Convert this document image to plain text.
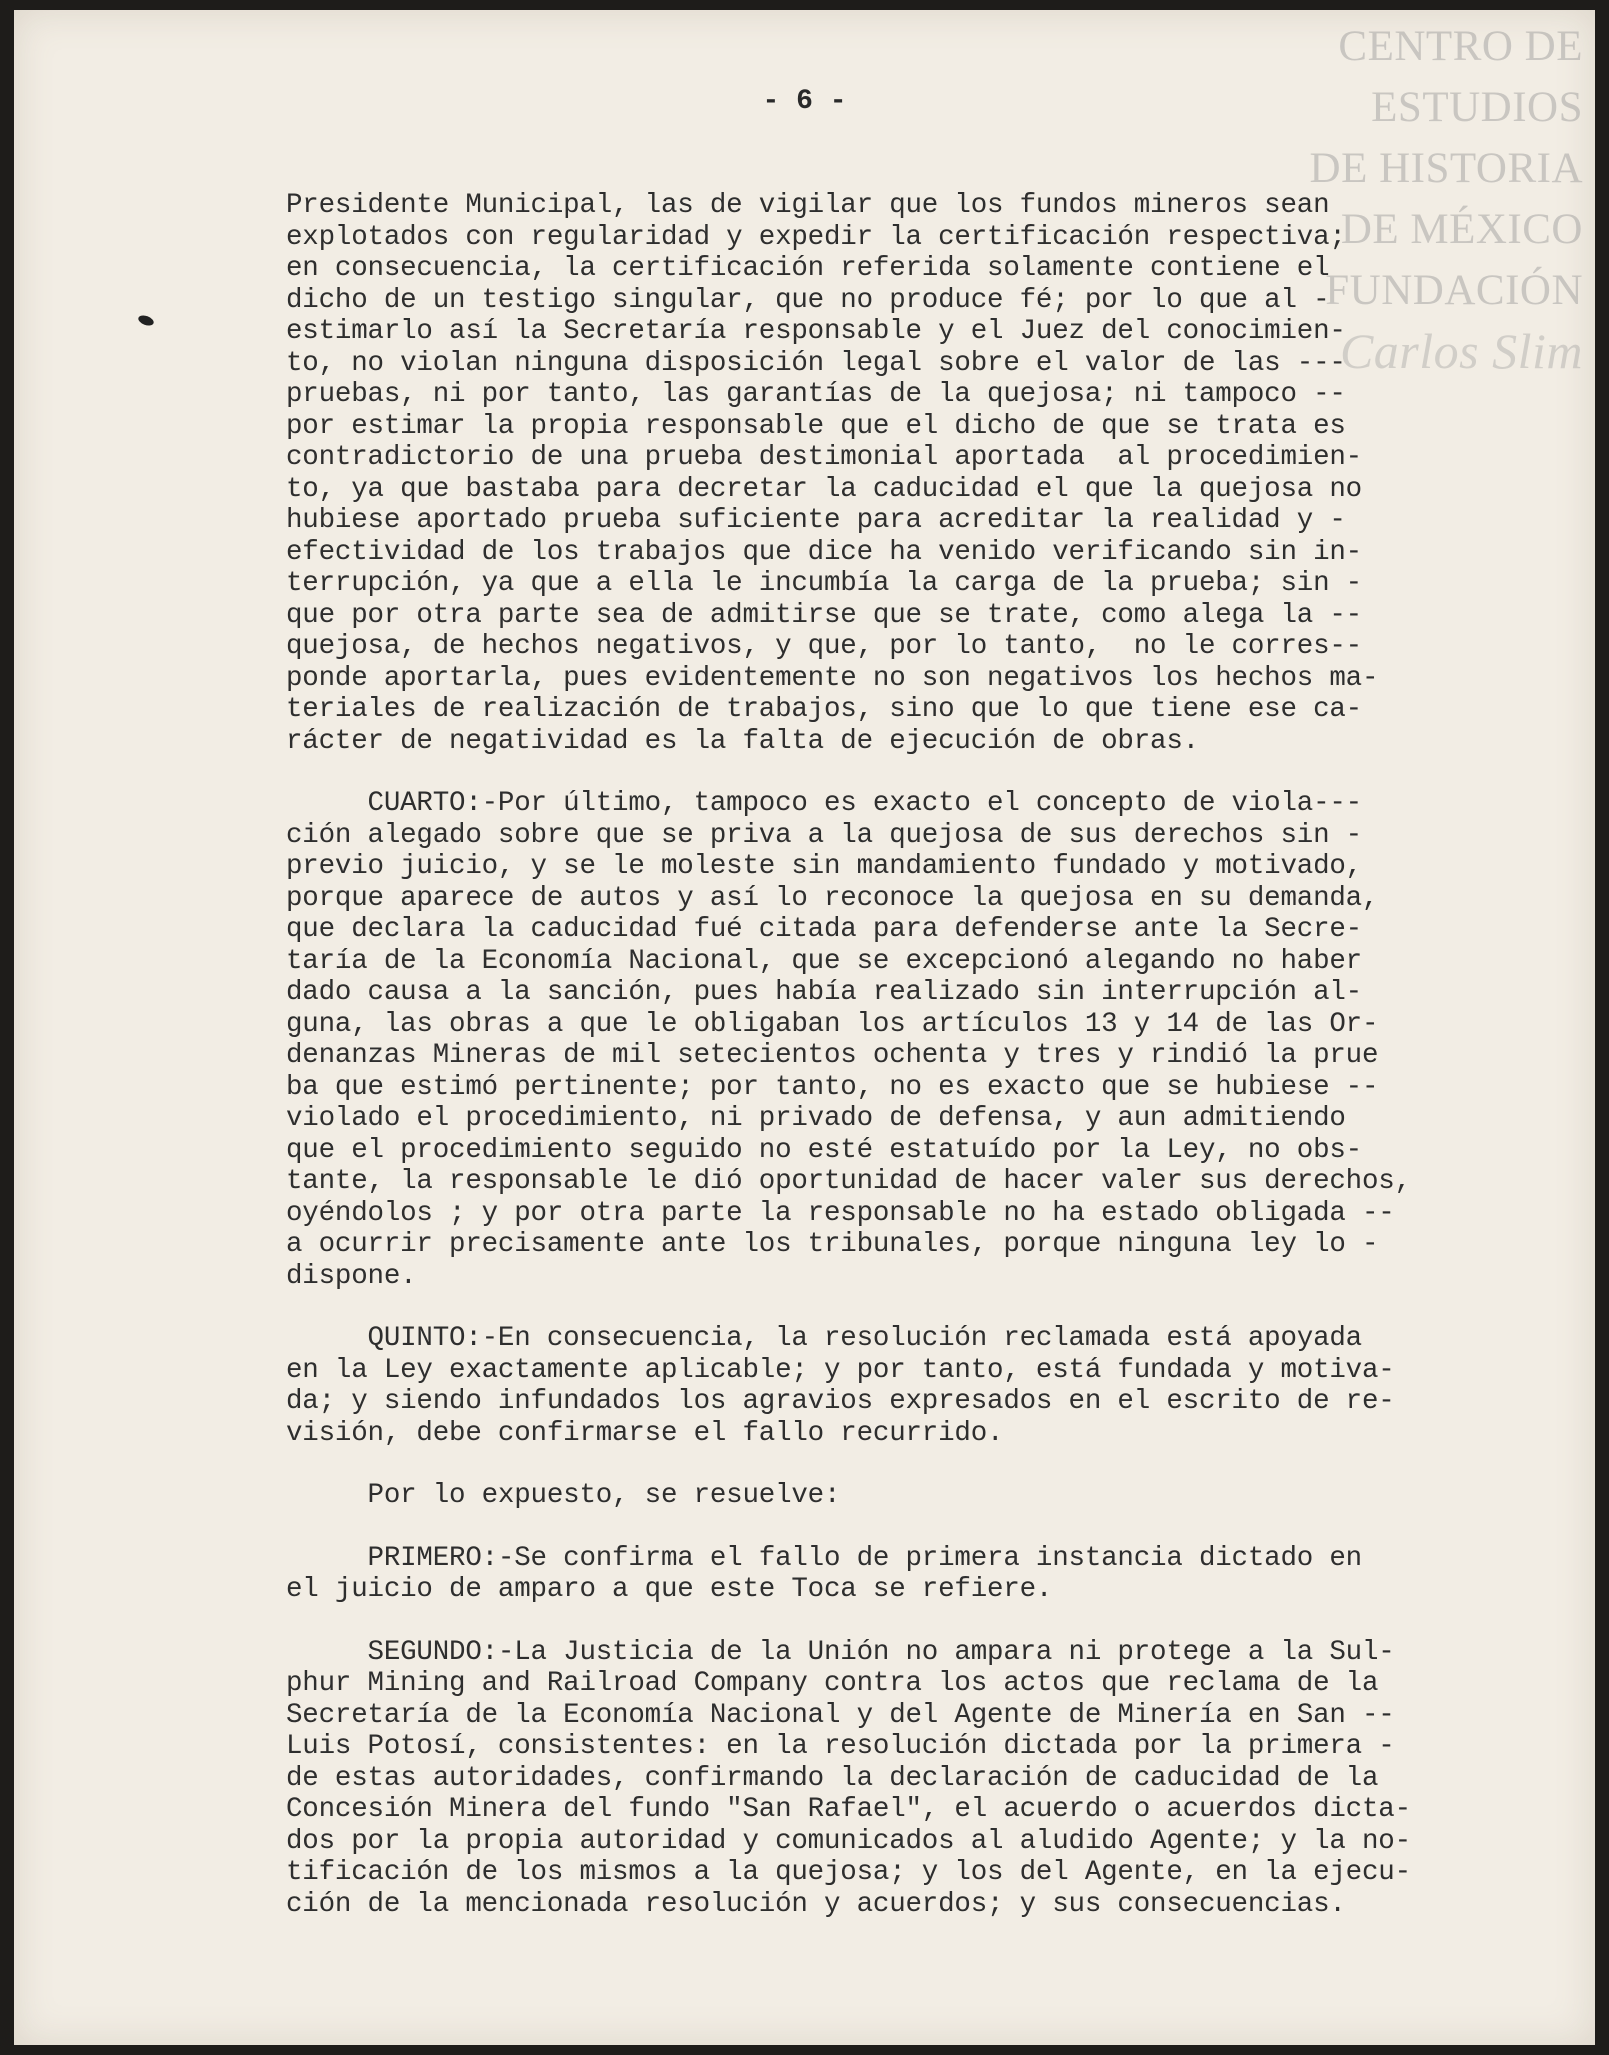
CENTRO DE
ESTUDIOS
DE HISTORIA
DE MÉXICO
FUNDACIÓN
Carlos Slim
- 6 -
Presidente Municipal, las de vigilar que los fundos mineros sean
explotados con regularidad y expedir la certificación respectiva;
en consecuencia, la certificación referida solamente contiene el
dicho de un testigo singular, que no produce fé; por lo que al -
estimarlo así la Secretaría responsable y el Juez del conocimien-
to, no violan ninguna disposición legal sobre el valor de las ---
pruebas, ni por tanto, las garantías de la quejosa; ni tampoco --
por estimar la propia responsable que el dicho de que se trata es
contradictorio de una prueba destimonial aportada  al procedimien-
to, ya que bastaba para decretar la caducidad el que la quejosa no
hubiese aportado prueba suficiente para acreditar la realidad y -
efectividad de los trabajos que dice ha venido verificando sin in-
terrupción, ya que a ella le incumbía la carga de la prueba; sin -
que por otra parte sea de admitirse que se trate, como alega la --
quejosa, de hechos negativos, y que, por lo tanto,  no le corres--
ponde aportarla, pues evidentemente no son negativos los hechos ma-
teriales de realización de trabajos, sino que lo que tiene ese ca-
rácter de negatividad es la falta de ejecución de obras.
CUARTO:-Por último, tampoco es exacto el concepto de viola---
ción alegado sobre que se priva a la quejosa de sus derechos sin -
previo juicio, y se le moleste sin mandamiento fundado y motivado,
porque aparece de autos y así lo reconoce la quejosa en su demanda,
que declara la caducidad fué citada para defenderse ante la Secre-
taría de la Economía Nacional, que se excepcionó alegando no haber
dado causa a la sanción, pues había realizado sin interrupción al-
guna, las obras a que le obligaban los artículos 13 y 14 de las Or-
denanzas Mineras de mil setecientos ochenta y tres y rindió la prue
ba que estimó pertinente; por tanto, no es exacto que se hubiese --
violado el procedimiento, ni privado de defensa, y aun admitiendo
que el procedimiento seguido no esté estatuído por la Ley, no obs-
tante, la responsable le dió oportunidad de hacer valer sus derechos,
oyéndolos ; y por otra parte la responsable no ha estado obligada --
a ocurrir precisamente ante los tribunales, porque ninguna ley lo -
dispone.
QUINTO:-En consecuencia, la resolución reclamada está apoyada
en la Ley exactamente aplicable; y por tanto, está fundada y motiva-
da; y siendo infundados los agravios expresados en el escrito de re-
visión, debe confirmarse el fallo recurrido.
Por lo expuesto, se resuelve:
PRIMERO:-Se confirma el fallo de primera instancia dictado en
el juicio de amparo a que este Toca se refiere.
SEGUNDO:-La Justicia de la Unión no ampara ni protege a la Sul-
phur Mining and Railroad Company contra los actos que reclama de la
Secretaría de la Economía Nacional y del Agente de Minería en San --
Luis Potosí, consistentes: en la resolución dictada por la primera -
de estas autoridades, confirmando la declaración de caducidad de la
Concesión Minera del fundo "San Rafael", el acuerdo o acuerdos dicta-
dos por la propia autoridad y comunicados al aludido Agente; y la no-
tificación de los mismos a la quejosa; y los del Agente, en la ejecu-
ción de la mencionada resolución y acuerdos; y sus consecuencias.
